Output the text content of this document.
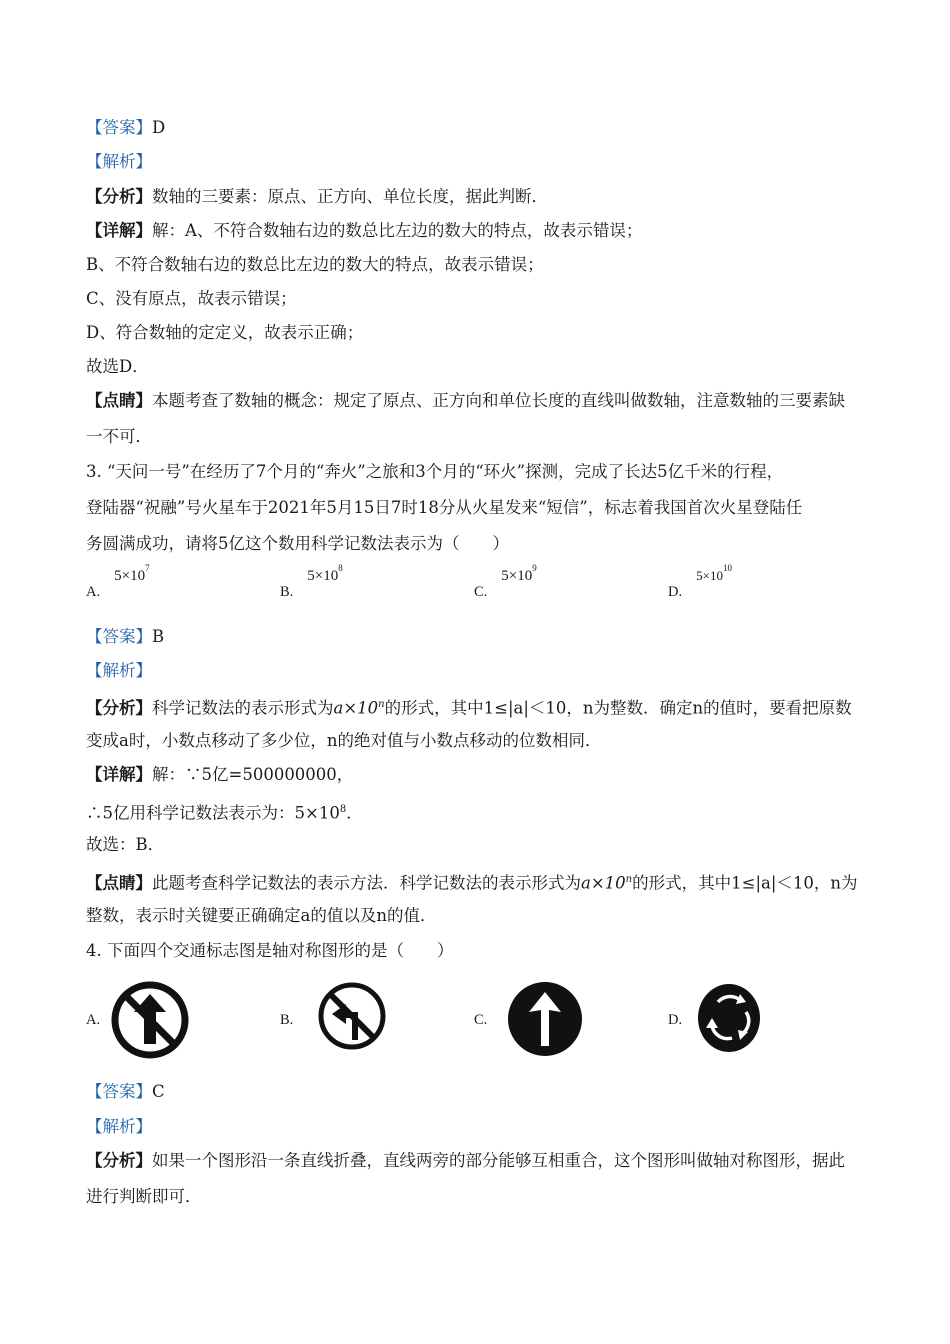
【答案】D
【解析】
【分析】数轴的三要素：原点、正方向、单位长度，据此判断．
【详解】解：A、不符合数轴右边的数总比左边的数大的特点，故表示错误；
B、不符合数轴右边的数总比左边的数大的特点，故表示错误；
C、没有原点，故表示错误；
D、符合数轴的定定义，故表示正确；
故选D．
【点睛】本题考查了数轴的概念：规定了原点、正方向和单位长度的直线叫做数轴，注意数轴的三要素缺
一不可．
3. “天问一号”在经历了7个月的“奔火”之旅和3个月的“环火”探测，完成了长达5亿千米的行程，
登陆器“祝融”号火星车于2021年5月15日7时18分从火星发来“短信”，标志着我国首次火星登陆任
务圆满成功，请将5亿这个数用科学记数法表示为（　　）
$A.5\times 10^7$
$B.5\times 10^8$
$C.5\times 10^9$
$D.5\times 10^{10}$
【答案】B
【解析】
【分析】科学记数法的表示形式为$a\times 10^n$的形式，其中1≤|a|＜10，n为整数．确定n的值时，要看把原数
变成a时，小数点移动了多少位，n的绝对值与小数点移动的位数相同．
【详解】解：∵5亿=500000000，
∴5亿用科学记数法表示为：$5\times 10^8$．
故选：B．
【点睛】此题考查科学记数法的表示方法．科学记数法的表示形式为$a\times 10^n$的形式，其中1≤|a|＜10，n为
整数，表示时关键要正确确定a的值以及n的值．
4. 下面四个交通标志图是轴对称图形的是（　　）
A.	B.	C.	D.
【答案】C
【解析】
【分析】如果一个图形沿一条直线折叠，直线两旁的部分能够互相重合，这个图形叫做轴对称图形，据此
进行判断即可．
